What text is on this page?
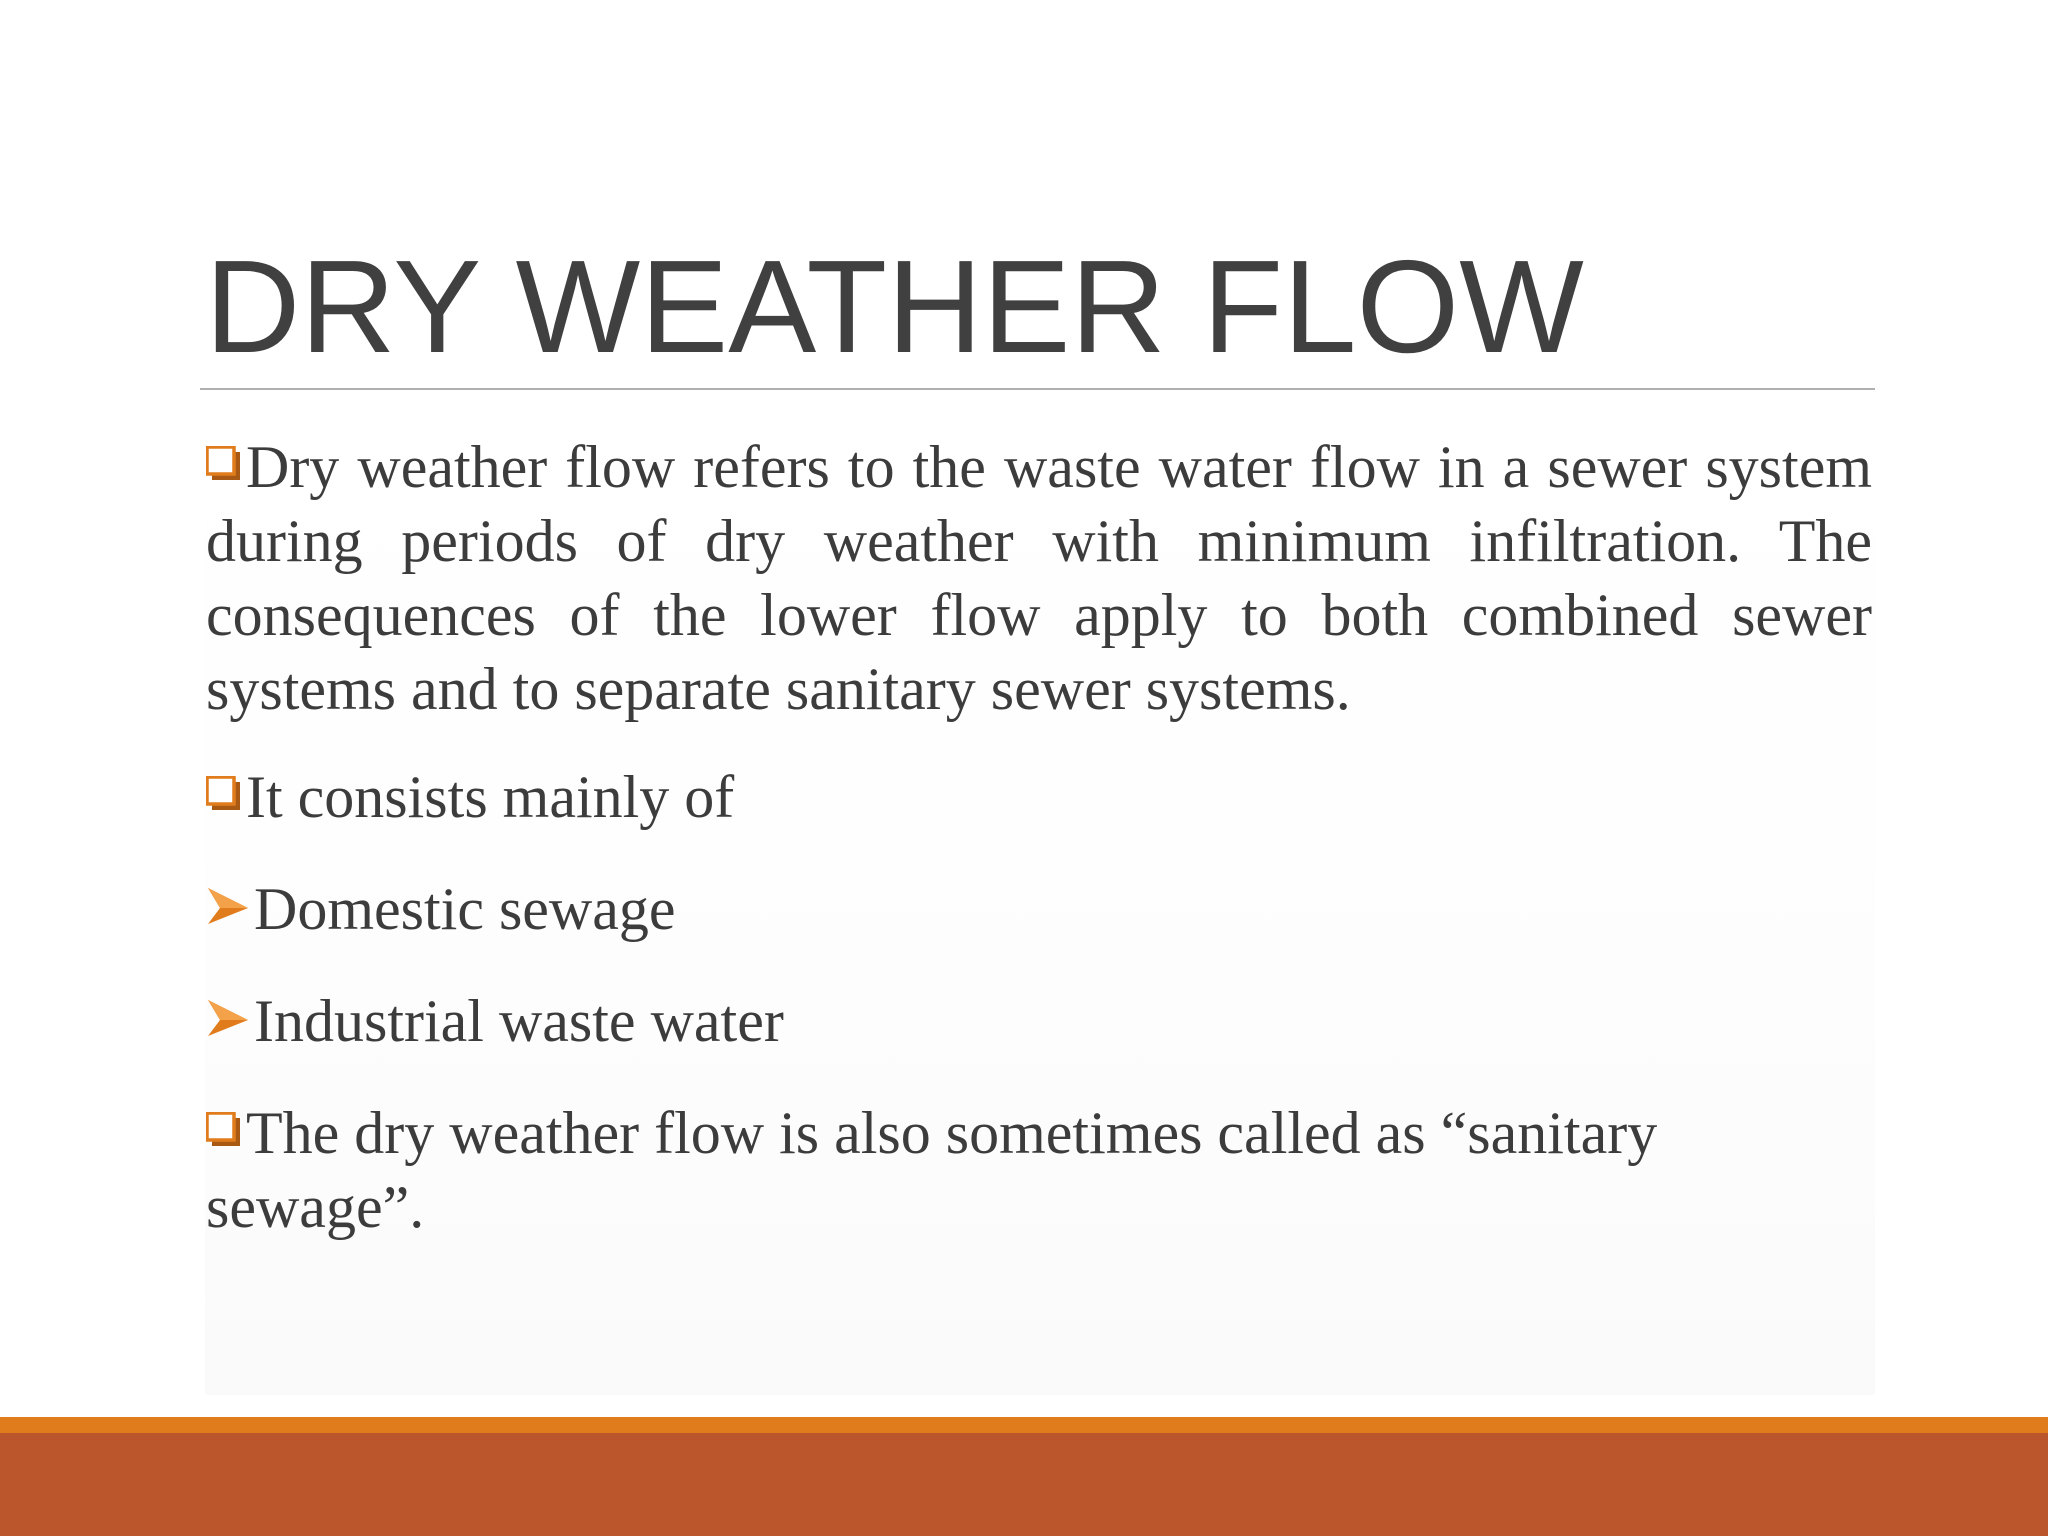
DRY WEATHER FLOW

Dry weather flow refers to the waste water flow in a sewer system during periods of dry weather with minimum infiltration. The consequences of the lower flow apply to both combined sewer systems and to separate sanitary sewer systems.

It consists mainly of

Domestic sewage

Industrial waste water

The dry weather flow is also sometimes called as “sanitary sewage”.
